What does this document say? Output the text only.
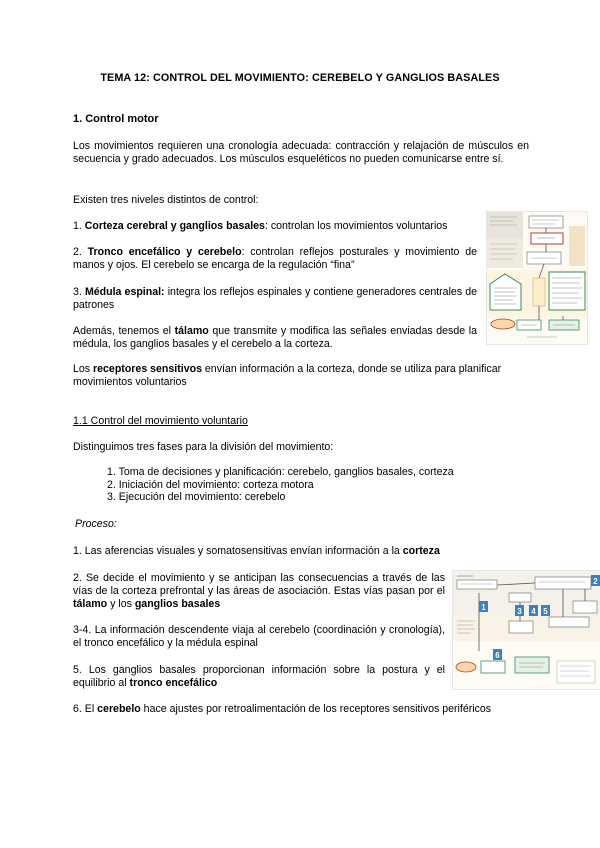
TEMA 12: CONTROL DEL MOVIMIENTO: CEREBELO Y GANGLIOS BASALES
1. Control motor

Los movimientos requieren una cronología adecuada: contracción y relajación de músculos en secuencia y grado adecuados. Los músculos esqueléticos no pueden comunicarse entre sí.

Existen tres niveles distintos de control:

1. Corteza cerebral y ganglios basales: controlan los movimientos voluntarios

2. Tronco encefálico y cerebelo: controlan reflejos posturales y movimiento de manos y ojos. El cerebelo se encarga de la regulación “fina”

3. Médula espinal: integra los reflejos espinales y contiene generadores centrales de patrones

Además, tenemos el tálamo que transmite y modifica las señales enviadas desde la médula, los ganglios basales y el cerebelo a la corteza.

Los receptores sensitivos envían información a la corteza, donde se utiliza para planificar movimientos voluntarios

1.1 Control del movimiento voluntario

Distinguimos tres fases para la división del movimiento:

1. Toma de decisiones y planificación: cerebelo, ganglios basales, corteza
2. Iniciación del movimiento: corteza motora
3. Ejecución del movimiento: cerebelo
Proceso:

1. Las aferencias visuales y somatosensitivas envían información a la corteza

2. Se decide el movimiento y se anticipan las consecuencias a través de las vías de la corteza prefrontal y las áreas de asociación. Estas vías pasan por el tálamo y los ganglios basales

3-4. La información descendente viaja al cerebelo (coordinación y cronología), el tronco encefálico y la médula espinal

5. Los ganglios basales proporcionan información sobre la postura y el equilibrio al tronco encefálico

6. El cerebelo hace ajustes por retroalimentación de los receptores sensitivos periféricos

1
2
3 4 5
6
